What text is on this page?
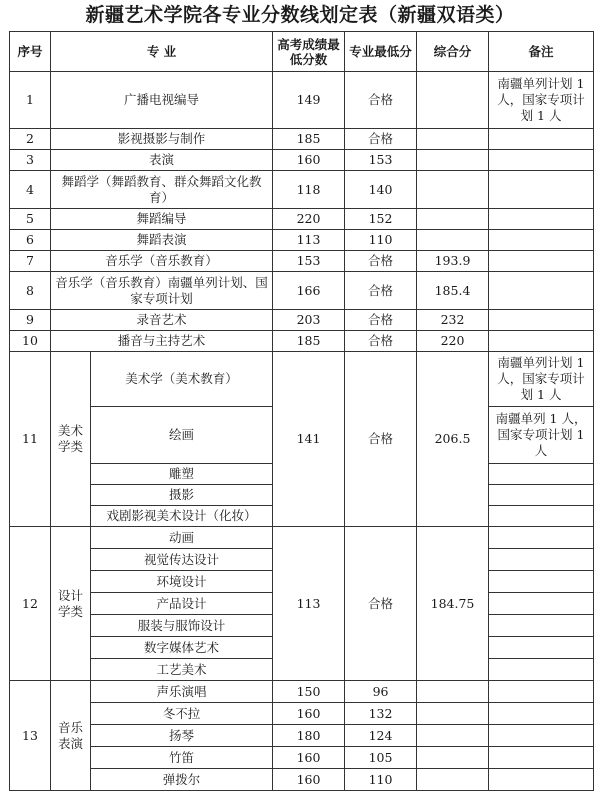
新疆艺术学院各专业分数线划定表（新疆双语类）
序号	专 业		高考成绩最低分数	专业最低分	综合分	备注
1	广播电视编导		149	合格		南疆单列计划 1 人，国家专项计划 1 人
2	影视摄影与制作		185	合格		
3	表演		160	153		
4	舞蹈学（舞蹈教育、群众舞蹈文化教育）		118	140		
5	舞蹈编导		220	152		
6	舞蹈表演		113	110		
7	音乐学（音乐教育）		153	合格	193.9	
8	音乐学（音乐教育）南疆单列计划、国家专项计划		166	合格	185.4	
9	录音艺术		203	合格	232	
10	播音与主持艺术		185	合格	220	
11	美术学类	美术学（美术教育）	141	合格	206.5	南疆单列计划 1 人，国家专项计划 1 人
		绘画				南疆单列 1 人，国家专项计划 1 人
		雕塑				
		摄影				
		戏剧影视美术设计（化妆）				
12	设计学类	动画	113	合格	184.75	
		视觉传达设计				
		环境设计				
		产品设计				
		服装与服饰设计				
		数字媒体艺术				
		工艺美术				
13	音乐表演	声乐演唱	150	96		
		冬不拉	160	132		
		扬琴	180	124		
		竹笛	160	105		
		弹拨尔	160	110		
